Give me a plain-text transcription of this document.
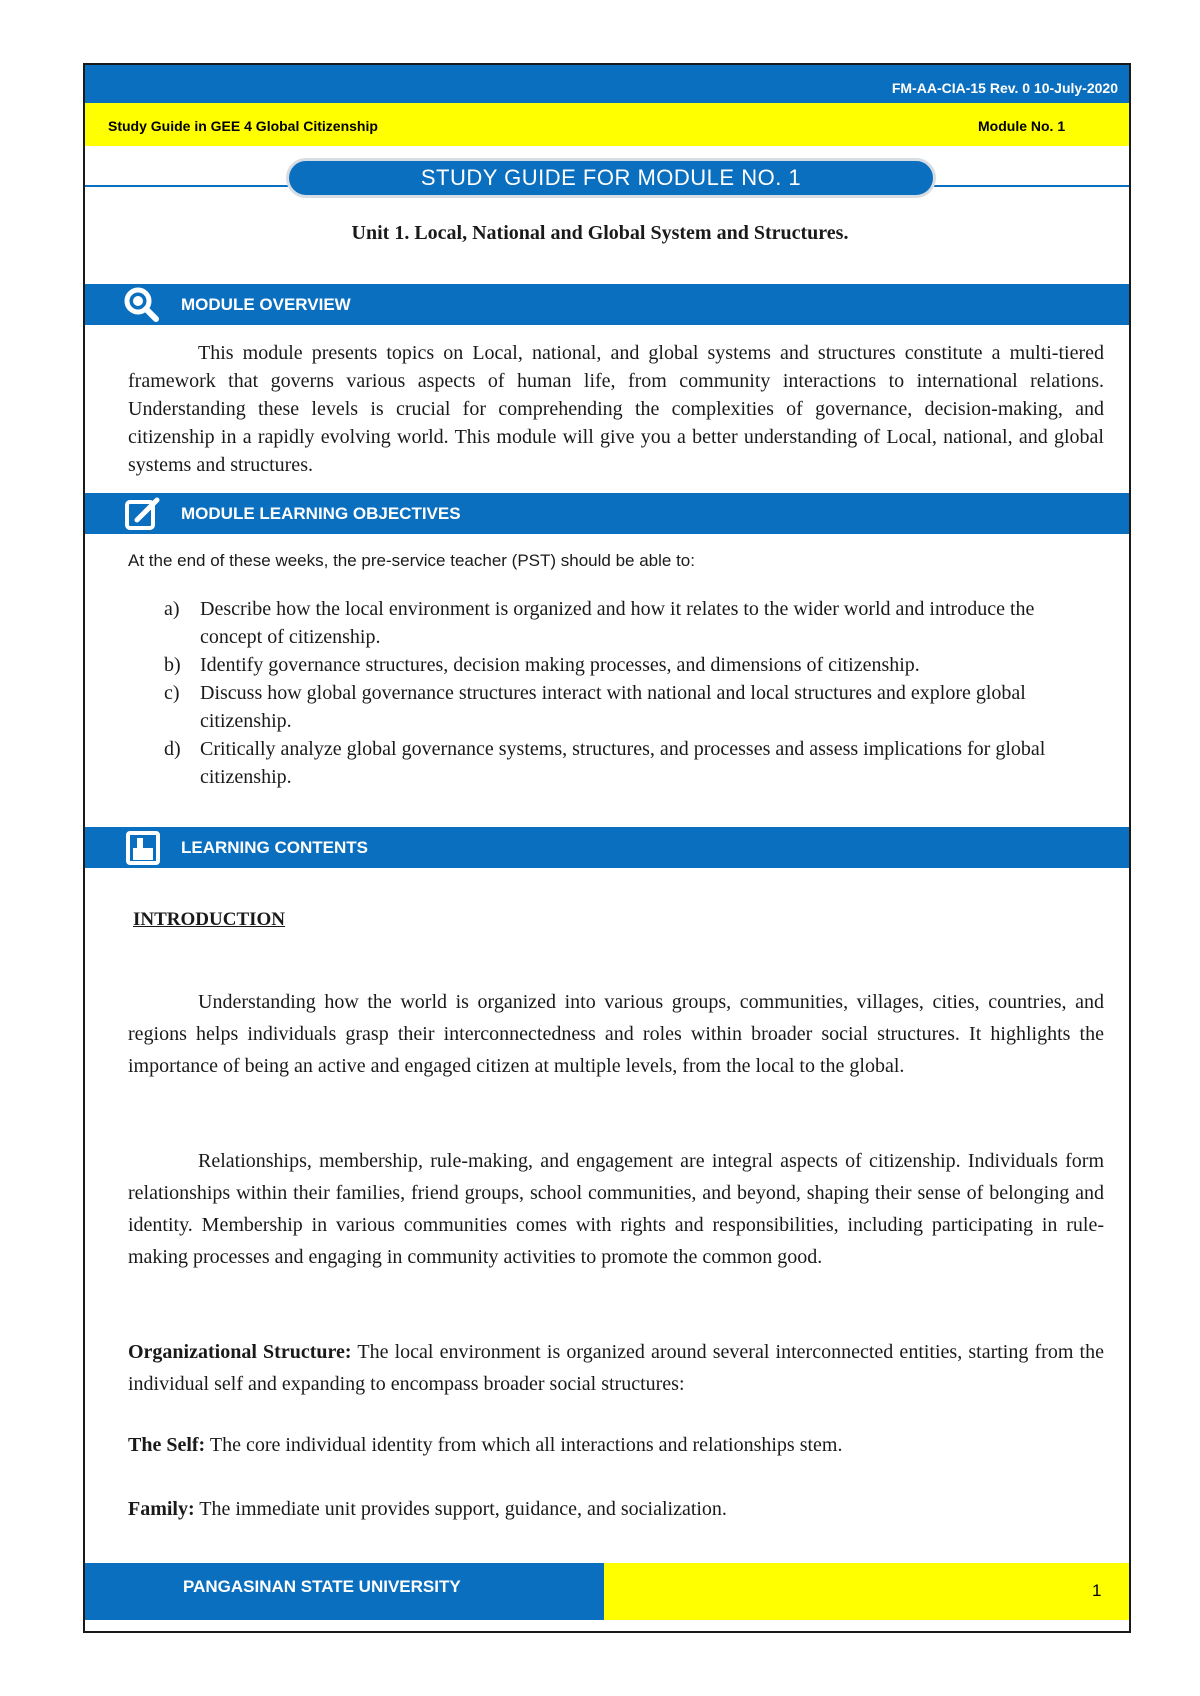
FM-AA-CIA-15 Rev. 0 10-July-2020
Study Guide in GEE 4 Global Citizenship	Module No. 1
STUDY GUIDE FOR MODULE NO. 1
Unit 1. Local, National and Global System and Structures.
MODULE OVERVIEW
This module presents topics on Local, national, and global systems and structures constitute a multi-tiered framework that governs various aspects of human life, from community interactions to international relations. Understanding these levels is crucial for comprehending the complexities of governance, decision-making, and citizenship in a rapidly evolving world. This module will give you a better understanding of Local, national, and global systems and structures.
MODULE LEARNING OBJECTIVES
At the end of these weeks, the pre-service teacher (PST) should be able to:
a) Describe how the local environment is organized and how it relates to the wider world and introduce the concept of citizenship.
b) Identify governance structures, decision making processes, and dimensions of citizenship.
c) Discuss how global governance structures interact with national and local structures and explore global citizenship.
d) Critically analyze global governance systems, structures, and processes and assess implications for global citizenship.
LEARNING CONTENTS
INTRODUCTION
Understanding how the world is organized into various groups, communities, villages, cities, countries, and regions helps individuals grasp their interconnectedness and roles within broader social structures. It highlights the importance of being an active and engaged citizen at multiple levels, from the local to the global.
Relationships, membership, rule-making, and engagement are integral aspects of citizenship. Individuals form relationships within their families, friend groups, school communities, and beyond, shaping their sense of belonging and identity. Membership in various communities comes with rights and responsibilities, including participating in rule-making processes and engaging in community activities to promote the common good.
Organizational Structure: The local environment is organized around several interconnected entities, starting from the individual self and expanding to encompass broader social structures:
The Self: The core individual identity from which all interactions and relationships stem.
Family: The immediate unit provides support, guidance, and socialization.
PANGASINAN STATE UNIVERSITY	1
